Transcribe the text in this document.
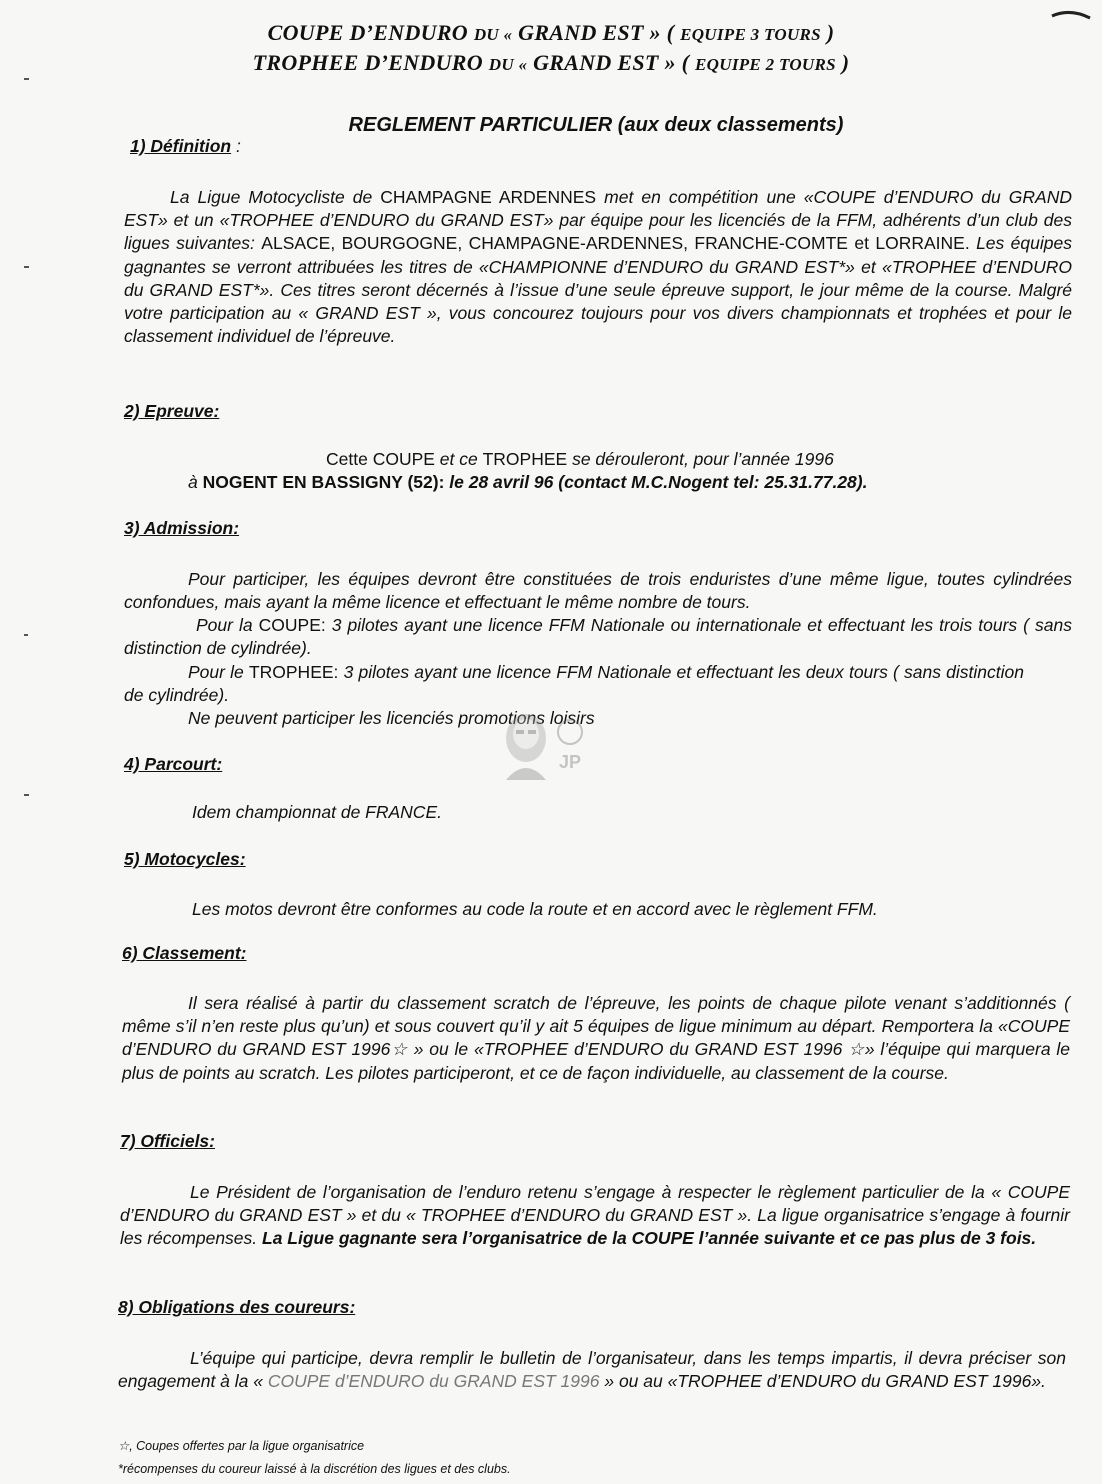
COUPE D’ENDURO DU « GRAND EST » ( EQUIPE 3 TOURS )
TROPHEE D’ENDURO DU « GRAND EST » ( EQUIPE 2 TOURS )
REGLEMENT PARTICULIER (aux deux classements)
1) Définition :

La Ligue Motocycliste de CHAMPAGNE ARDENNES met en compétition une «COUPE d’ENDURO du GRAND EST» et un «TROPHEE d’ENDURO du GRAND EST» par équipe pour les licenciés de la FFM, adhérents d’un club des ligues suivantes: ALSACE, BOURGOGNE, CHAMPAGNE-ARDENNES, FRANCHE-COMTE et LORRAINE. Les équipes gagnantes se verront attribuées les titres de «CHAMPIONNE d’ENDURO du GRAND EST*» et «TROPHEE d’ENDURO du GRAND EST*». Ces titres seront décernés à l’issue d’une seule épreuve support, le jour même de la course. Malgré votre participation au « GRAND EST », vous concourez toujours pour vos divers championnats et trophées et pour le classement individuel de l’épreuve.

2) Epreuve:
Cette COUPE et ce TROPHEE se dérouleront, pour l’année 1996
à NOGENT EN BASSIGNY (52): le 28 avril 96 (contact M.C.Nogent tel: 25.31.77.28).
3) Admission:

Pour participer, les équipes devront être constituées de trois enduristes d’une même ligue, toutes cylindrées confondues, mais ayant la même licence et effectuant le même nombre de tours.

Pour la COUPE: 3 pilotes ayant une licence FFM Nationale ou internationale et effectuant les trois tours ( sans distinction de cylindrée).

Pour le TROPHEE: 3 pilotes ayant une licence FFM Nationale et effectuant les deux tours ( sans distinction de cylindrée).

Ne peuvent participer les licenciés promotions loisirs
JP
4) Parcourt:
Idem championnat de FRANCE.
5) Motocycles:
Les motos devront être conformes au code la route et en accord avec le règlement FFM.
6) Classement:

Il sera réalisé à partir du classement scratch de l’épreuve, les points de chaque pilote venant s’additionnés ( même s’il n’en reste plus qu’un) et sous couvert qu’il y ait 5 équipes de ligue minimum au départ. Remportera la «COUPE d’ENDURO du GRAND EST 1996☆ » ou le «TROPHEE d’ENDURO du GRAND EST 1996 ☆» l’équipe qui marquera le plus de points au scratch. Les pilotes participeront, et ce de façon individuelle, au classement de la course.

7) Officiels:

Le Président de l’organisation de l’enduro retenu s’engage à respecter le règlement particulier de la « COUPE d’ENDURO du GRAND EST » et du « TROPHEE d’ENDURO du GRAND EST ». La ligue organisatrice s’engage à fournir les récompenses. La Ligue gagnante sera l’organisatrice de la COUPE l’année suivante et ce pas plus de 3 fois.

8) Obligations des coureurs:

L’équipe qui participe, devra remplir le bulletin de l’organisateur, dans les temps impartis, il devra préciser son engagement à la « COUPE d’ENDURO du GRAND EST 1996 » ou au «TROPHEE d’ENDURO du GRAND EST 1996».

☆, Coupes offertes par la ligue organisatrice
*récompenses du coureur laissé à la discrétion des ligues et des clubs.
